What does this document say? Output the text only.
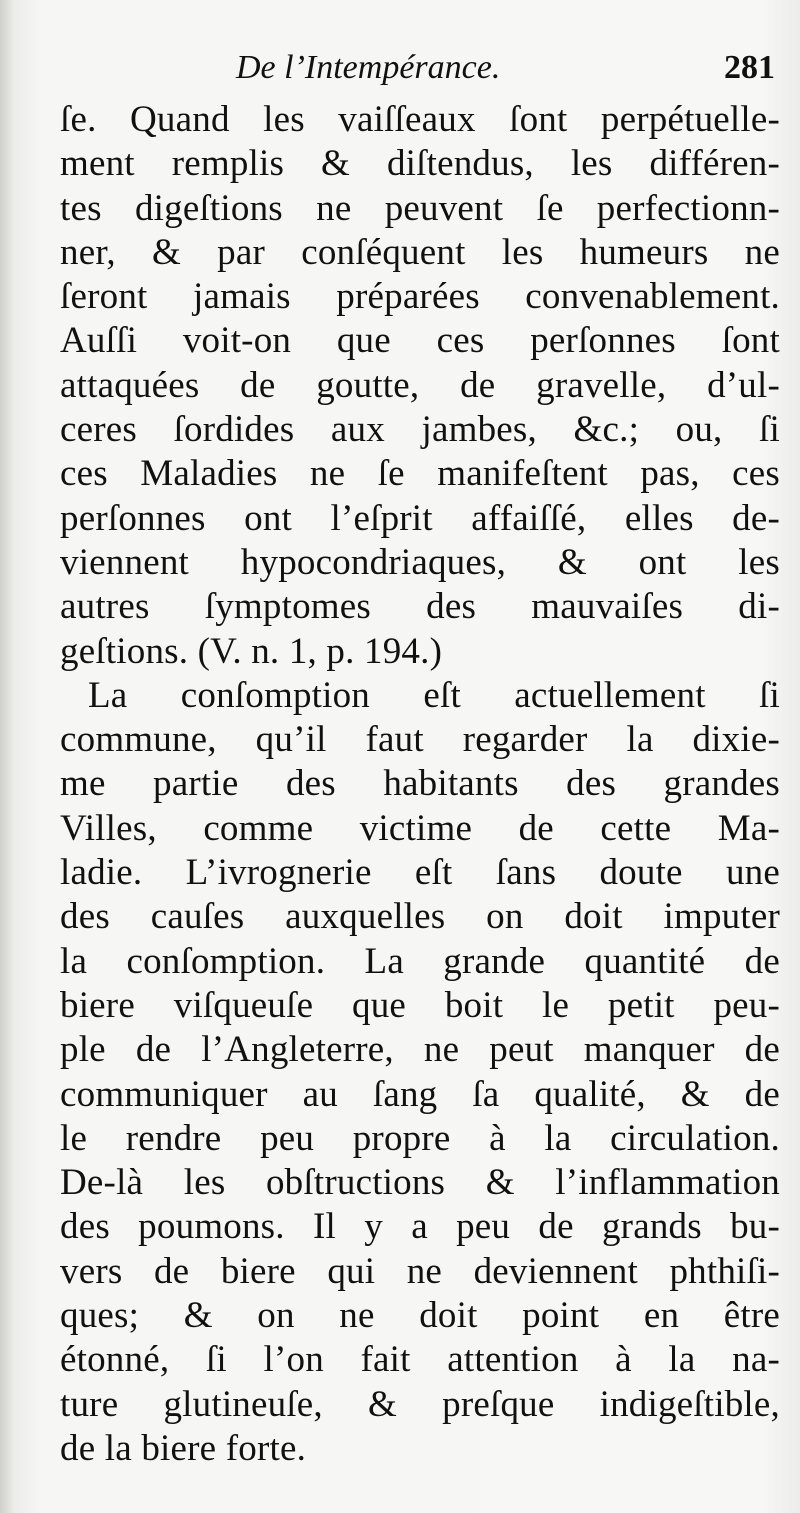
De l’Intempérance.	281
ſe. Quand les vaiſſeaux ſont perpétuelle-
ment remplis & diſtendus, les différen-
tes digeſtions ne peuvent ſe perfectionn-
ner, & par conſéquent les humeurs ne
ſeront jamais préparées convenablement.
Auſſi voit-on que ces perſonnes ſont
attaquées de goutte, de gravelle, d’ul-
ceres ſordides aux jambes, &c.; ou, ſi
ces Maladies ne ſe manifeſtent pas, ces
perſonnes ont l’eſprit affaiſſé, elles de-
viennent hypocondriaques, & ont les
autres ſymptomes des mauvaiſes di-
geſtions. (V. n. 1, p. 194.)
La conſomption eſt actuellement ſi
commune, qu’il faut regarder la dixie-
me partie des habitants des grandes
Villes, comme victime de cette Ma-
ladie. L’ivrognerie eſt ſans doute une
des cauſes auxquelles on doit imputer
la conſomption. La grande quantité de
biere viſqueuſe que boit le petit peu-
ple de l’Angleterre, ne peut manquer de
communiquer au ſang ſa qualité, & de
le rendre peu propre à la circulation.
De-là les obſtructions & l’inflammation
des poumons. Il y a peu de grands bu-
vers de biere qui ne deviennent phthiſi-
ques; & on ne doit point en être
étonné, ſi l’on fait attention à la na-
ture glutineuſe, & preſque indigeſtible,
de la biere forte.
